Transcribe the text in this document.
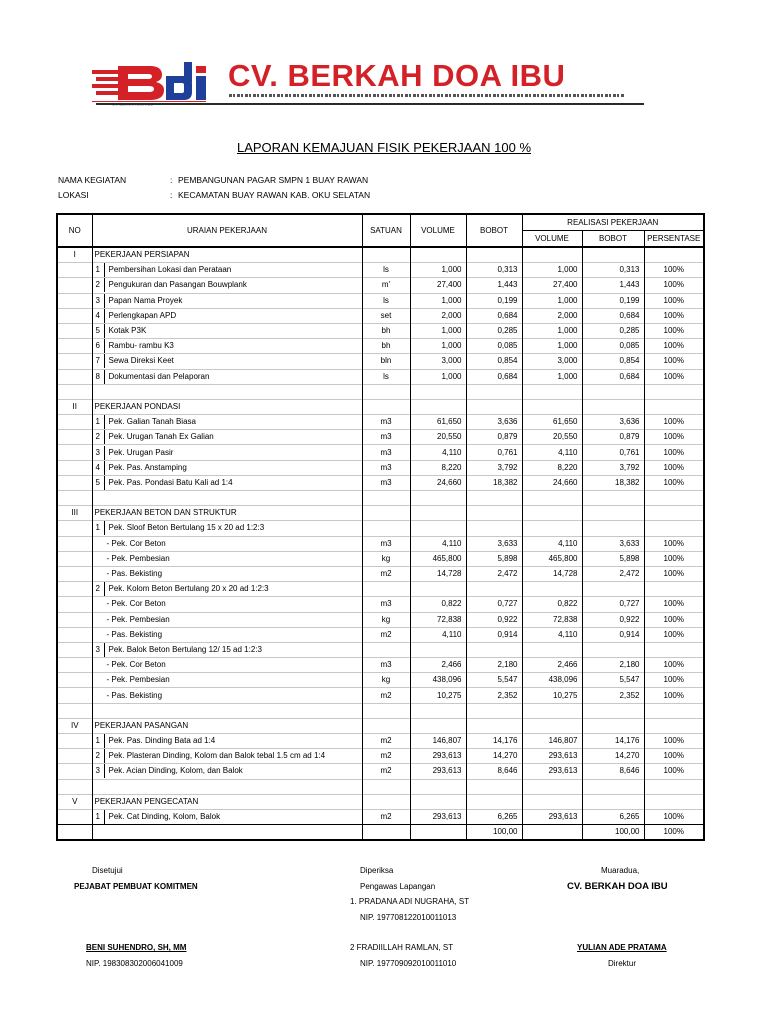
CV. BERKAH DOA IBU
LAPORAN KEMAJUAN FISIK PEKERJAAN 100 %
NAMA KEGIATAN	: PEMBANGUNAN PAGAR SMPN 1 BUAY RAWAN
LOKASI	: KECAMATAN BUAY RAWAN KAB. OKU SELATAN
NO	URAIAN PEKERJAAN	SATUAN	VOLUME	BOBOT	REALISASI PEKERJAAN		
					VOLUME	BOBOT	PERSENTASE
I	PEKERJAAN PERSIAPAN						
	1 Pembersihan Lokasi dan Perataan	ls	1,000	0,313	1,000	0,313	100%
	2 Pengukuran dan Pasangan Bouwplank	m'	27,400	1,443	27,400	1,443	100%
	3 Papan Nama Proyek	ls	1,000	0,199	1,000	0,199	100%
	4 Perlengkapan APD	set	2,000	0,684	2,000	0,684	100%
	5 Kotak P3K	bh	1,000	0,285	1,000	0,285	100%
	6 Rambu- rambu K3	bh	1,000	0,085	1,000	0,085	100%
	7 Sewa Direksi Keet	bln	3,000	0,854	3,000	0,854	100%
	8 Dokumentasi dan Pelaporan	ls	1,000	0,684	1,000	0,684	100%

II	PEKERJAAN PONDASI						
	1 Pek. Galian Tanah Biasa	m3	61,650	3,636	61,650	3,636	100%
	2 Pek. Urugan Tanah Ex Galian	m3	20,550	0,879	20,550	0,879	100%
	3 Pek. Urugan Pasir	m3	4,110	0,761	4,110	0,761	100%
	4 Pek. Pas. Anstamping	m3	8,220	3,792	8,220	3,792	100%
	5 Pek. Pas. Pondasi Batu Kali ad 1:4	m3	24,660	18,382	24,660	18,382	100%

III	PEKERJAAN BETON DAN STRUKTUR						
	1 Pek. Sloof Beton Bertulang 15 x 20 ad 1:2:3						
	- Pek. Cor Beton	m3	4,110	3,633	4,110	3,633	100%
	- Pek. Pembesian	kg	465,800	5,898	465,800	5,898	100%
	- Pas. Bekisting	m2	14,728	2,472	14,728	2,472	100%
	2 Pek. Kolom Beton Bertulang 20 x 20 ad 1:2:3						
	- Pek. Cor Beton	m3	0,822	0,727	0,822	0,727	100%
	- Pek. Pembesian	kg	72,838	0,922	72,838	0,922	100%
	- Pas. Bekisting	m2	4,110	0,914	4,110	0,914	100%
	3 Pek. Balok Beton Bertulang 12/ 15 ad 1:2:3						
	- Pek. Cor Beton	m3	2,466	2,180	2,466	2,180	100%
	- Pek. Pembesian	kg	438,096	5,547	438,096	5,547	100%
	- Pas. Bekisting	m2	10,275	2,352	10,275	2,352	100%

IV	PEKERJAAN PASANGAN						
	1 Pek. Pas. Dinding Bata ad 1:4	m2	146,807	14,176	146,807	14,176	100%
	2 Pek. Plasteran Dinding, Kolom dan Balok tebal 1.5 cm ad 1:4	m2	293,613	14,270	293,613	14,270	100%
	3 Pek. Acian Dinding, Kolom, dan Balok	m2	293,613	8,646	293,613	8,646	100%

V	PEKERJAAN PENGECATAN						
	1 Pek. Cat Dinding, Kolom, Balok	m2	293,613	6,265	293,613	6,265	100%
				100,00		100,00	100%
Disetujui
PEJABAT PEMBUAT KOMITMEN
BENI SUHENDRO, SH, MM
NIP. 198308302006041009
Diperiksa
Pengawas Lapangan
1. PRADANA ADI NUGRAHA, ST
NIP. 197708122010011013
2 FRADIILLAH RAMLAN, ST
NIP. 197709092010011010
Muaradua,
CV. BERKAH DOA IBU
YULIAN ADE PRATAMA
Direktur
